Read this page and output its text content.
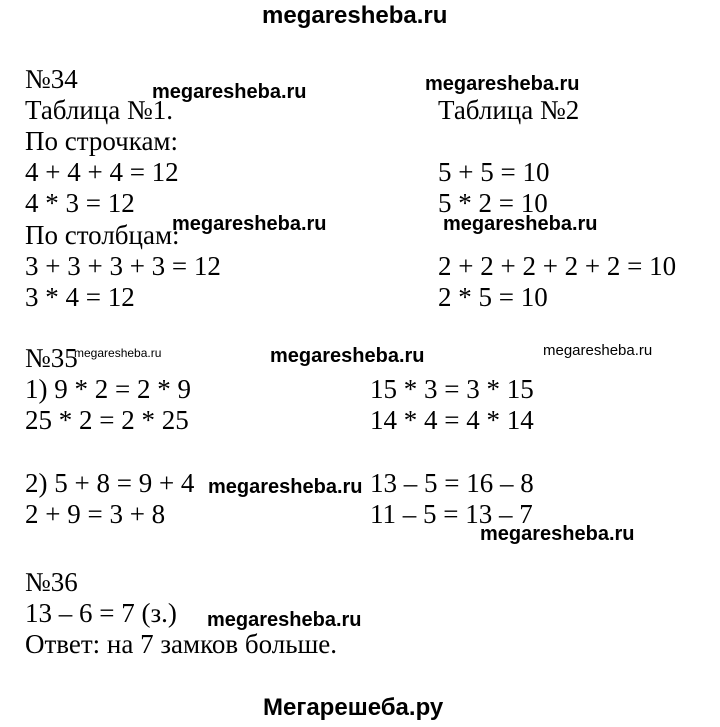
megaresheba.ru
№34	megaresheba.ru	megaresheba.ru
Таблица №1.	Таблица №2
По строчкам:
4 + 4 + 4 = 12	5 + 5 = 10
4 * 3 = 12	5 * 2 = 10
megaresheba.ru	megaresheba.ru
По столбцам:
3 + 3 + 3 + 3 = 12	2 + 2 + 2 + 2 + 2 = 10
3 * 4 = 12	2 * 5 = 10
№35
megaresheba.ru	megaresheba.ru	megaresheba.ru
1) 9 * 2 = 2 * 9	15 * 3 = 3 * 15
25 * 2 = 2 * 25	14 * 4 = 4 * 14
2) 5 + 8 = 9 + 4 megaresheba.ru 13 – 5 = 16 – 8
2 + 9 = 3 + 8	11 – 5 = 13 – 7
megaresheba.ru
№36
13 – 6 = 7 (з.) megaresheba.ru
Ответ: на 7 замков больше.
Мегарешеба.ру
